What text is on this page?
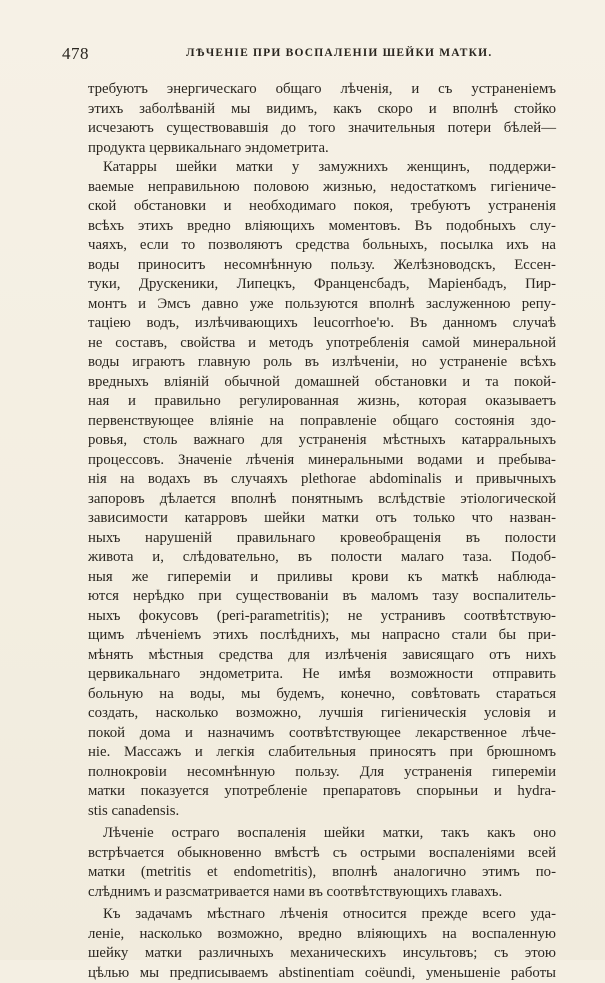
478	ЛѢЧЕНІЕ ПРИ ВОСПАЛЕНІИ ШЕЙКИ МАТКИ.
требуютъ энергическаго общаго лѣченія, и съ устраненіемъ
этихъ заболѣваній мы видимъ, какъ скоро и вполнѣ стойко
исчезаютъ существовавшія до того значительныя потери бѣлей—
продукта цервикальнаго эндометрита.
Катарры шейки матки у замужнихъ женщинъ, поддержи-
ваемые неправильною половою жизнью, недостаткомъ гигіениче-
ской обстановки и необходимаго покоя, требуютъ устраненія
всѣхъ этихъ вредно вліяющихъ моментовъ. Въ подобныхъ слу-
чаяхъ, если то позволяютъ средства больныхъ, посылка ихъ на
воды приноситъ несомнѣнную пользу. Желѣзноводскъ, Ессен-
туки, Друскеники, Липецкъ, Франценсбадъ, Маріенбадъ, Пир-
монтъ и Эмсъ давно уже пользуются вполнѣ заслуженною репу-
таціею водъ, излѣчивающихъ leucorrhoe'ю. Въ данномъ случаѣ
не составъ, свойства и методъ употребленія самой минеральной
воды играютъ главную роль въ излѣченіи, но устраненіе всѣхъ
вредныхъ вліяній обычной домашней обстановки и та покой-
ная и правильно регулированная жизнь, которая оказываетъ
первенствующее вліяніе на поправленіе общаго состоянія здо-
ровья, столь важнаго для устраненія мѣстныхъ катарральныхъ
процессовъ. Значеніе лѣченія минеральными водами и пребыва-
нія на водахъ въ случаяхъ plethorae abdominalis и привычныхъ
запоровъ дѣлается вполнѣ понятнымъ вслѣдствіе этіологической
зависимости катарровъ шейки матки отъ только что назван-
ныхъ нарушеній правильнаго кровеобращенія въ полости
живота и, слѣдовательно, въ полости малаго таза. Подоб-
ныя же гипереміи и приливы крови къ маткѣ наблюда-
ются нерѣдко при существованіи въ маломъ тазу воспалитель-
ныхъ фокусовъ (peri-parametritis); не устранивъ соотвѣтствую-
щимъ лѣченіемъ этихъ послѣднихъ, мы напрасно стали бы при-
мѣнять мѣстныя средства для излѣченія зависящаго отъ нихъ
цервикальнаго эндометрита. Не имѣя возможности отправить
больную на воды, мы будемъ, конечно, совѣтовать стараться
создать, насколько возможно, лучшія гигіеническія условія и
покой дома и назначимъ соотвѣтствующее лекарственное лѣче-
ніе. Массажъ и легкія слабительныя приносятъ при брюшномъ
полнокровіи несомнѣнную пользу. Для устраненія гипереміи
матки показуется употребленіе препаратовъ спорыньи и hydra-
stis canadensis.
Лѣченіе остраго воспаленія шейки матки, такъ какъ оно
встрѣчается обыкновенно вмѣстѣ съ острыми воспаленіями всей
матки (metritis et endometritis), вполнѣ аналогично этимъ по-
слѣднимъ и разсматривается нами въ соотвѣтствующихъ главахъ.
Къ задачамъ мѣстнаго лѣченія относится прежде всего уда-
леніе, насколько возможно, вредно вліяющихъ на воспаленную
шейку матки различныхъ механическихъ инсультовъ; съ этою
цѣлью мы предписываемъ abstinentiam coëundi, уменьшеніе работы
